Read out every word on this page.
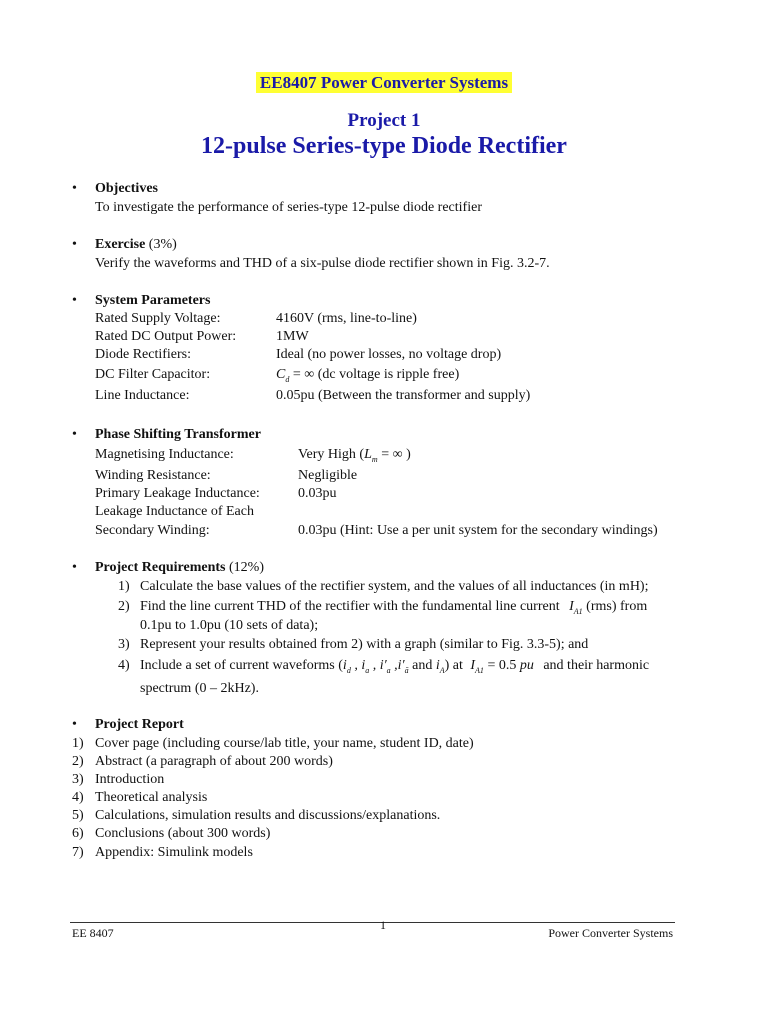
EE8407 Power Converter Systems
Project 1
12-pulse Series-type Diode Rectifier
• Objectives
To investigate the performance of series-type 12-pulse diode rectifier
• Exercise (3%)
Verify the waveforms and THD of a six-pulse diode rectifier shown in Fig. 3.2-7.
• System Parameters
Rated Supply Voltage:	4160V (rms, line-to-line)
Rated DC Output Power:	1MW
Diode Rectifiers:	Ideal (no power losses, no voltage drop)
DC Filter Capacitor:	$C_d$ = ∞ (dc voltage is ripple free)
Line Inductance:	0.05pu (Between the transformer and supply)
• Phase Shifting Transformer
Magnetising Inductance:	Very High ($L_m$ = ∞ )
Winding Resistance:	Negligible
Primary Leakage Inductance:	0.03pu
Leakage Inductance of Each
Secondary Winding:	0.03pu (Hint: Use a per unit system for the secondary windings)
• Project Requirements (12%)
1) Calculate the base values of the rectifier system, and the values of all inductances (in mH);
2) Find the line current THD of the rectifier with the fundamental line current $I_{A1}$ (rms) from
0.1pu to 1.0pu (10 sets of data);
3) Represent your results obtained from 2) with a graph (similar to Fig. 3.3-5); and
4) Include a set of current waveforms ($i_d$ , $i_a$ , $i'_a$ $,i'_ā$ and $i_A$) at $I_{A1} = 0.5$ pu and their harmonic
spectrum (0 – 2kHz).
• Project Report
1) Cover page (including course/lab title, your name, student ID, date)
2) Abstract (a paragraph of about 200 words)
3) Introduction
4) Theoretical analysis
5) Calculations, simulation results and discussions/explanations.
6) Conclusions (about 300 words)
7) Appendix: Simulink models
EE 8407
1
Power Converter Systems
